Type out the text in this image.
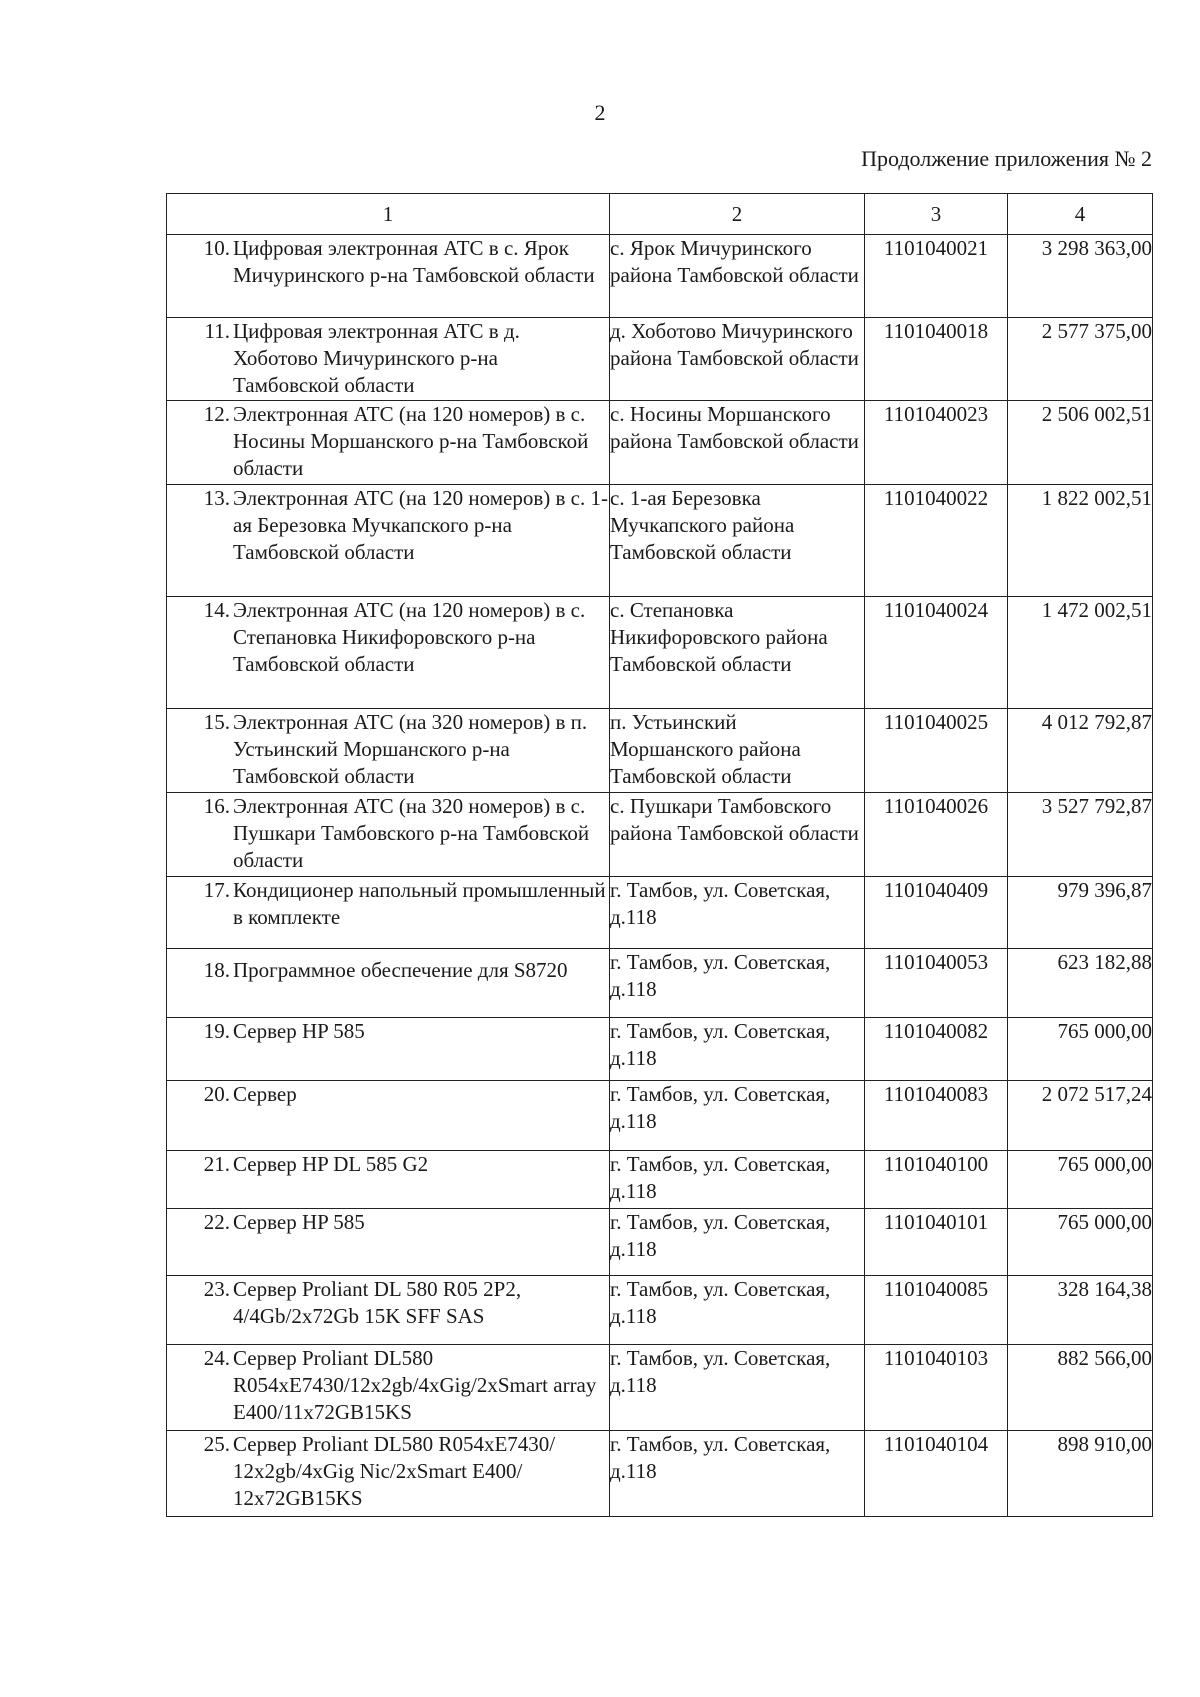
2
Продолжение приложения № 2
1	2	3	4

10. Цифровая электронная АТС в с. Ярок Мичуринского р-на Тамбовской области	с. Ярок Мичуринского района Тамбовской области	1101040021	3 298 363,00

11. Цифровая электронная АТС в д. Хоботово Мичуринского р-на Тамбовской области	д. Хоботово Мичуринского района Тамбовской области	1101040018	2 577 375,00

12. Электронная АТС (на 120 номеров) в с. Носины Моршанского р-на Тамбовской области	с. Носины Моршанского района Тамбовской области	1101040023	2 506 002,51

13. Электронная АТС (на 120 номеров) в с. 1-ая Березовка Мучкапского р-на Тамбовской области	с. 1-ая Березовка Мучкапского района Тамбовской области	1101040022	1 822 002,51

14. Электронная АТС (на 120 номеров) в с. Степановка Никифоровского р-на Тамбовской области	с. Степановка Никифоровского района Тамбовской области	1101040024	1 472 002,51

15. Электронная АТС (на 320 номеров) в п. Устьинский Моршанского р-на Тамбовской области	п. Устьинский Моршанского района Тамбовской области	1101040025	4 012 792,87

16. Электронная АТС (на 320 номеров) в с. Пушкари Тамбовского р-на Тамбовской области	с. Пушкари Тамбовского района Тамбовской области	1101040026	3 527 792,87

17. Кондиционер напольный промышленный в комплекте	г. Тамбов, ул. Советская, д.118	1101040409	979 396,87

18. Программное обеспечение для S8720	г. Тамбов, ул. Советская, д.118	1101040053	623 182,88

19. Сервер HP 585	г. Тамбов, ул. Советская, д.118	1101040082	765 000,00

20. Сервер	г. Тамбов, ул. Советская, д.118	1101040083	2 072 517,24

21. Сервер HP DL 585 G2	г. Тамбов, ул. Советская, д.118	1101040100	765 000,00

22. Сервер HP 585	г. Тамбов, ул. Советская, д.118	1101040101	765 000,00

23. Сервер Proliant DL 580 R05 2P2, 4/4Gb/2x72Gb 15K SFF SAS	г. Тамбов, ул. Советская, д.118	1101040085	328 164,38

24. Сервер Proliant DL580 R054xE7430/12x2gb/4xGig/2xSmart array E400/11x72GB15KS	г. Тамбов, ул. Советская, д.118	1101040103	882 566,00

25. Сервер Proliant DL580 R054xE7430/ 12x2gb/4xGig Nic/2xSmart E400/ 12x72GB15KS	г. Тамбов, ул. Советская, д.118	1101040104	898 910,00
